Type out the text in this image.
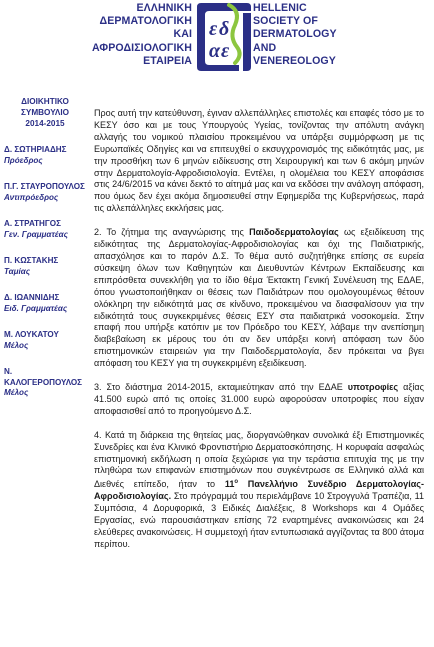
ΕΛΛΗΝΙΚΗ
ΔΕΡΜΑΤΟΛΟΓΙΚΗ
ΚΑΙ
ΑΦΡΟΔΙΣΙΟΛΟΓΙΚΗ
ΕΤΑΙΡΕΙΑ
ε δ
α ε
HELLENIC
SOCIETY OF
DERMATOLOGY
AND
VENEREOLOGY
ΔΙΟΙΚΗΤΙΚΟ ΣΥΜΒΟΥΛΙΟ
2014-2015
Δ. ΣΩΤΗΡΙΑΔΗΣ
Πρόεδρος
Π.Γ. ΣΤΑΥΡΟΠΟΥΛΟΣ
Αντιπρόεδρος
Α. ΣΤΡΑΤΗΓΟΣ
Γεν. Γραμματέας
Π. ΚΩΣΤΑΚΗΣ
Ταμίας
Δ. ΙΩΑΝΝΙΔΗΣ
Ειδ. Γραμματέας
Μ. ΛΟΥΚΑΤΟΥ
Μέλος
Ν. ΚΑΛΟΓΕΡΟΠΟΥΛΟΣ
Μέλος

Προς αυτή την κατεύθυνση, έγιναν αλλεπάλληλες επιστολές και επαφές τόσο με το ΚΕΣΥ όσο και με τους Υπουργούς Υγείας, τονίζοντας την απόλυτη ανάγκη αλλαγής του νομικού πλαισίου προκειμένου να υπάρξει συμμόρφωση με τις Ευρωπαϊκές Οδηγίες και να επιτευχθεί ο εκσυγχρονισμός της ειδικότητάς μας, με την προσθήκη των 6 μηνών ειδίκευσης στη Χειρουργική και των 6 ακόμη μηνών στην Δερματολογία-Αφροδισιολογία. Εντέλει, η ολομέλεια του ΚΕΣΥ αποφάσισε στις 24/6/2015 να κάνει δεκτό το αίτημά μας και να εκδόσει την ανάλογη απόφαση, που όμως δεν έχει ακόμα δημοσιευθεί στην Εφημερίδα της Κυβερνήσεως, παρά τις αλλεπάλληλες εκκλήσεις μας.

2. Το ζήτημα της αναγνώρισης της Παιδοδερματολογίας ως εξειδίκευση της ειδικότητας της Δερματολογίας-Αφροδισιολογίας και όχι της Παιδιατρικής, απασχόλησε και το παρόν Δ.Σ. Το θέμα αυτό συζητήθηκε επίσης σε ευρεία σύσκεψη όλων των Καθηγητών και Διευθυντών Κέντρων Εκπαίδευσης και επιπρόσθετα συνεκλήθη για το ίδιο θέμα Έκτακτη Γενική Συνέλευση της ΕΔΑΕ, όπου γνωστοποιήθηκαν οι θέσεις των Παιδιάτρων που ομολογουμένως θέτουν ολόκληρη την ειδικότητά μας σε κίνδυνο, προκειμένου να διασφαλίσουν για την ειδικότητά τους συγκεκριμένες θέσεις ΕΣΥ στα παιδιατρικά νοσοκομεία. Στην επαφή που υπήρξε κατόπιν με τον Πρόεδρο του ΚΕΣΥ, λάβαμε την ανεπίσημη διαβεβαίωση εκ μέρους του ότι αν δεν υπάρξει κοινή απόφαση των δύο επιστημονικών εταιρειών για την Παιδοδερματολογία, δεν πρόκειται να βγει απόφαση του ΚΕΣΥ για τη συγκεκριμένη εξειδίκευση.

3. Στο διάστημα 2014-2015, εκταμιεύτηκαν από την ΕΔΑΕ υποτροφίες αξίας 41.500 ευρώ από τις οποίες 31.000 ευρώ αφορούσαν υποτροφίες που είχαν αποφασισθεί από το προηγούμενο Δ.Σ.

4. Κατά τη διάρκεια της θητείας μας, διοργανώθηκαν συνολικά έξι Επιστημονικές Συνεδρίες και ένα Κλινικό Φροντιστήριο Δερματοσκόπησης. Η κορυφαία ασφαλώς επιστημονική εκδήλωση η οποία ξεχώρισε για την τεράστια επιτυχία της με την πληθώρα των επιφανών επιστημόνων που συγκέντρωσε σε Ελληνικό αλλά και Διεθνές επίπεδο, ήταν το $11^o$ Πανελλήνιο Συνέδριο Δερματολογίας-Αφροδισιολογίας. Στο πρόγραμμά του περιελάμβανε 10 Στρογγυλά Τραπέζια, 11 Συμπόσια, 4 Δορυφορικά, 3 Ειδικές Διαλέξεις, 8 Workshops και 4 Ομάδες Εργασίας, ενώ παρουσιάστηκαν επίσης 72 εναρτημένες ανακοινώσεις και 24 ελεύθερες ανακοινώσεις. Η συμμετοχή ήταν εντυπωσιακά αγγίζοντας τα 800 άτομα περίπου.
